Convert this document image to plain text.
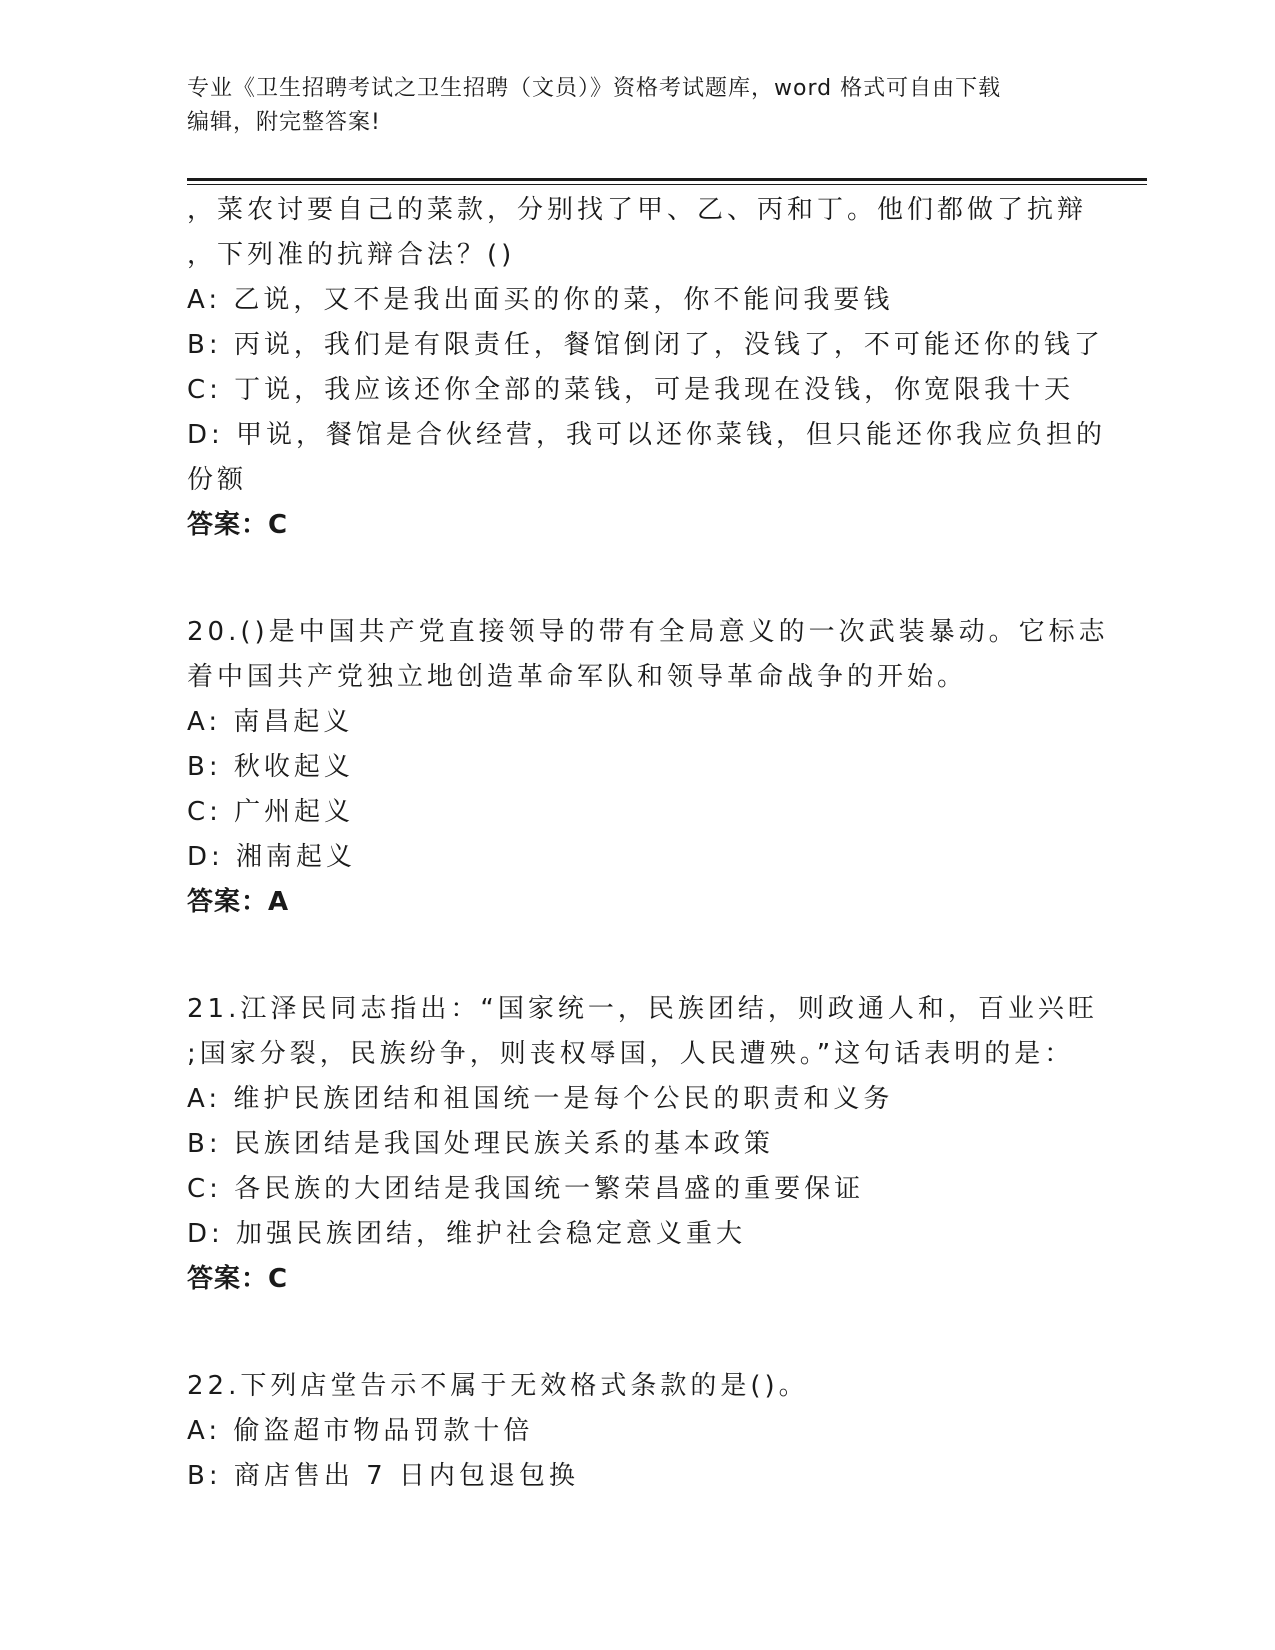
专业《卫生招聘考试之卫生招聘（文员）》资格考试题库，word 格式可自由下载
编辑，附完整答案!
，菜农讨要自己的菜款，分别找了甲、乙、丙和丁。他们都做了抗辩
，下列准的抗辩合法？()
A: 乙说，又不是我出面买的你的菜，你不能问我要钱
B: 丙说，我们是有限责任，餐馆倒闭了，没钱了，不可能还你的钱了
C: 丁说，我应该还你全部的菜钱，可是我现在没钱，你宽限我十天
D: 甲说，餐馆是合伙经营，我可以还你菜钱，但只能还你我应负担的
份额
答案：C
20.()是中国共产党直接领导的带有全局意义的一次武装暴动。它标志
着中国共产党独立地创造革命军队和领导革命战争的开始。
A: 南昌起义
B: 秋收起义
C: 广州起义
D: 湘南起义
答案：A
21.江泽民同志指出：“国家统一，民族团结，则政通人和，百业兴旺
;国家分裂，民族纷争，则丧权辱国，人民遭殃。”这句话表明的是：
A: 维护民族团结和祖国统一是每个公民的职责和义务
B: 民族团结是我国处理民族关系的基本政策
C: 各民族的大团结是我国统一繁荣昌盛的重要保证
D: 加强民族团结，维护社会稳定意义重大
答案：C
22.下列店堂告示不属于无效格式条款的是()。
A: 偷盗超市物品罚款十倍
B: 商店售出 7 日内包退包换
